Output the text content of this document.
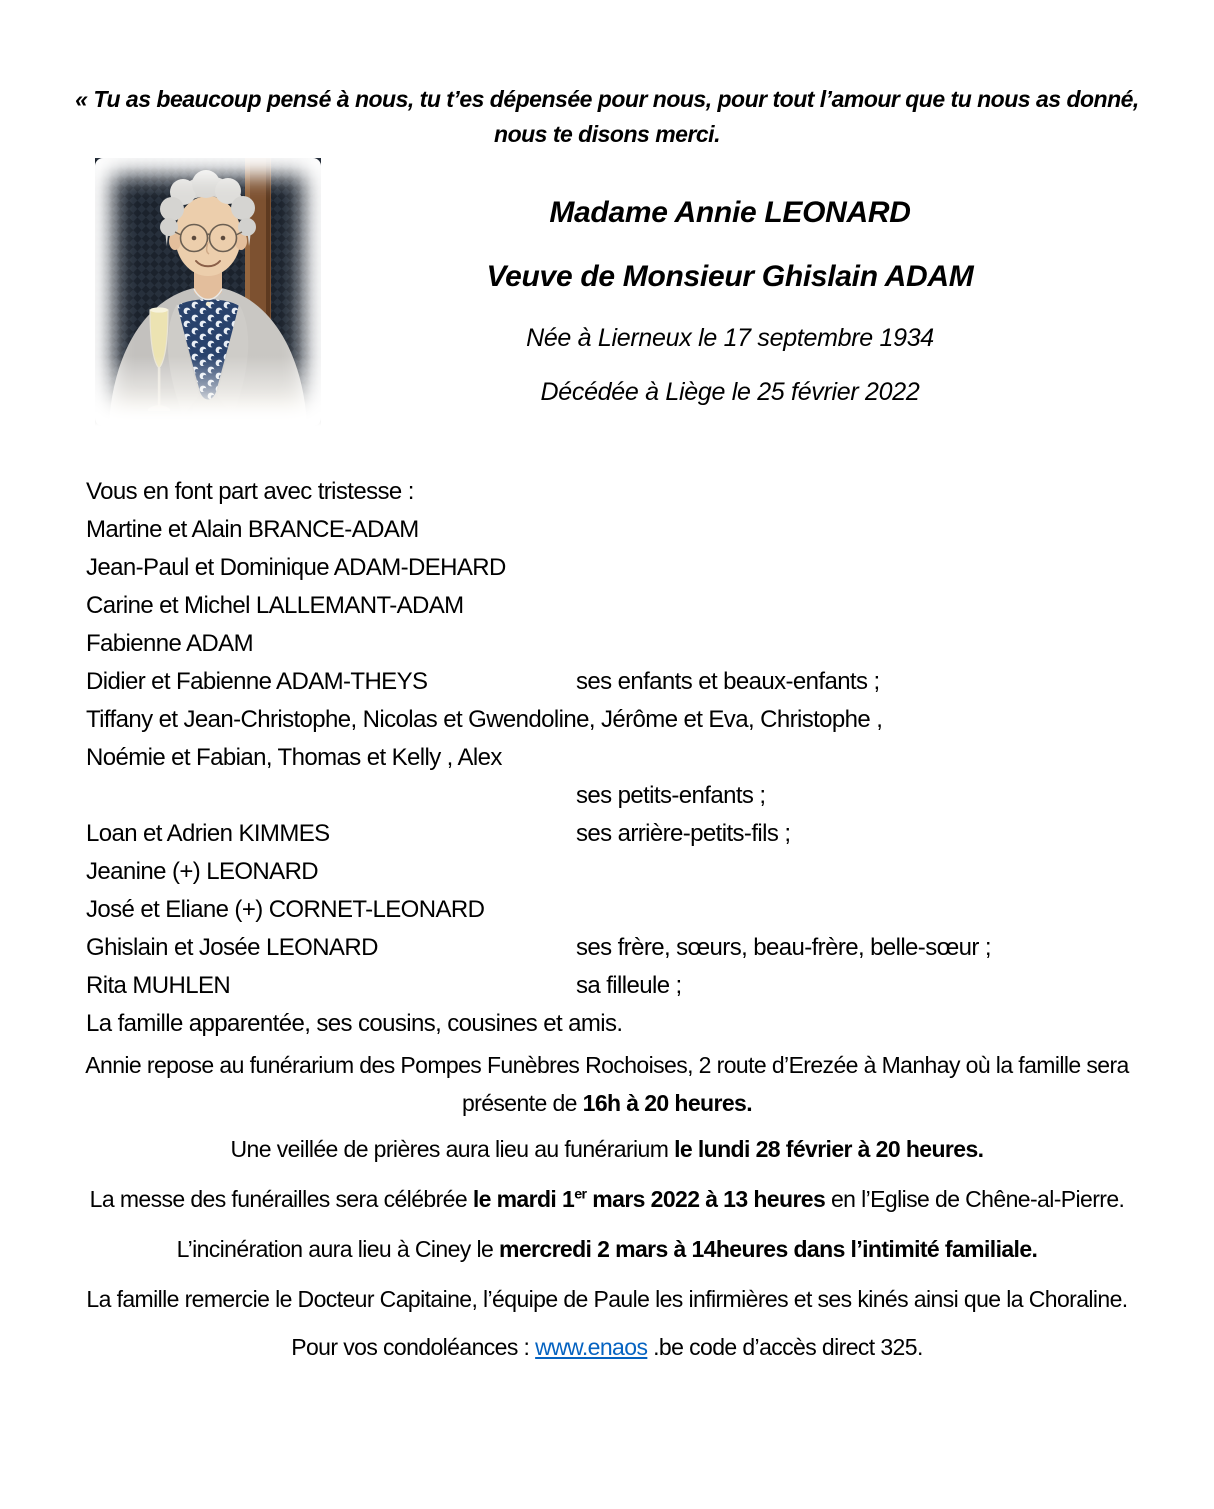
« Tu as beaucoup pensé à nous, tu t’es dépensée pour nous, pour tout l’amour que tu nous as donné,
nous te disons merci.
Madame Annie LEONARD
Veuve de Monsieur Ghislain ADAM
Née à Lierneux le 17 septembre 1934
Décédée à Liège le 25 février 2022
Vous en font part avec tristesse :
Martine et Alain BRANCE-ADAM
Jean-Paul et Dominique ADAM-DEHARD
Carine et Michel LALLEMANT-ADAM
Fabienne ADAM
Didier et Fabienne ADAM-THEYS	ses enfants et beaux-enfants ;
Tiffany et Jean-Christophe, Nicolas et Gwendoline, Jérôme et Eva, Christophe ,
Noémie et Fabian, Thomas et Kelly , Alex
ses petits-enfants ;
Loan et Adrien KIMMES	ses arrière-petits-fils ;
Jeanine (+) LEONARD
José et Eliane (+) CORNET-LEONARD
Ghislain et Josée LEONARD	ses frère, sœurs, beau-frère, belle-sœur ;
Rita MUHLEN	sa filleule ;
La famille apparentée, ses cousins, cousines et amis.
Annie repose au funérarium des Pompes Funèbres Rochoises, 2 route d’Erezée à Manhay où la famille sera
présente de 16h à 20 heures.
Une veillée de prières aura lieu au funérarium le lundi 28 février à 20 heures.
La messe des funérailles sera célébrée le mardi 1er mars 2022 à 13 heures en l’Eglise de Chêne-al-Pierre.
L’incinération aura lieu à Ciney le mercredi 2 mars à 14heures dans l’intimité familiale.
La famille remercie le Docteur Capitaine, l’équipe de Paule les infirmières et ses kinés ainsi que la Choraline.
Pour vos condoléances : www.enaos .be code d’accès direct 325.
